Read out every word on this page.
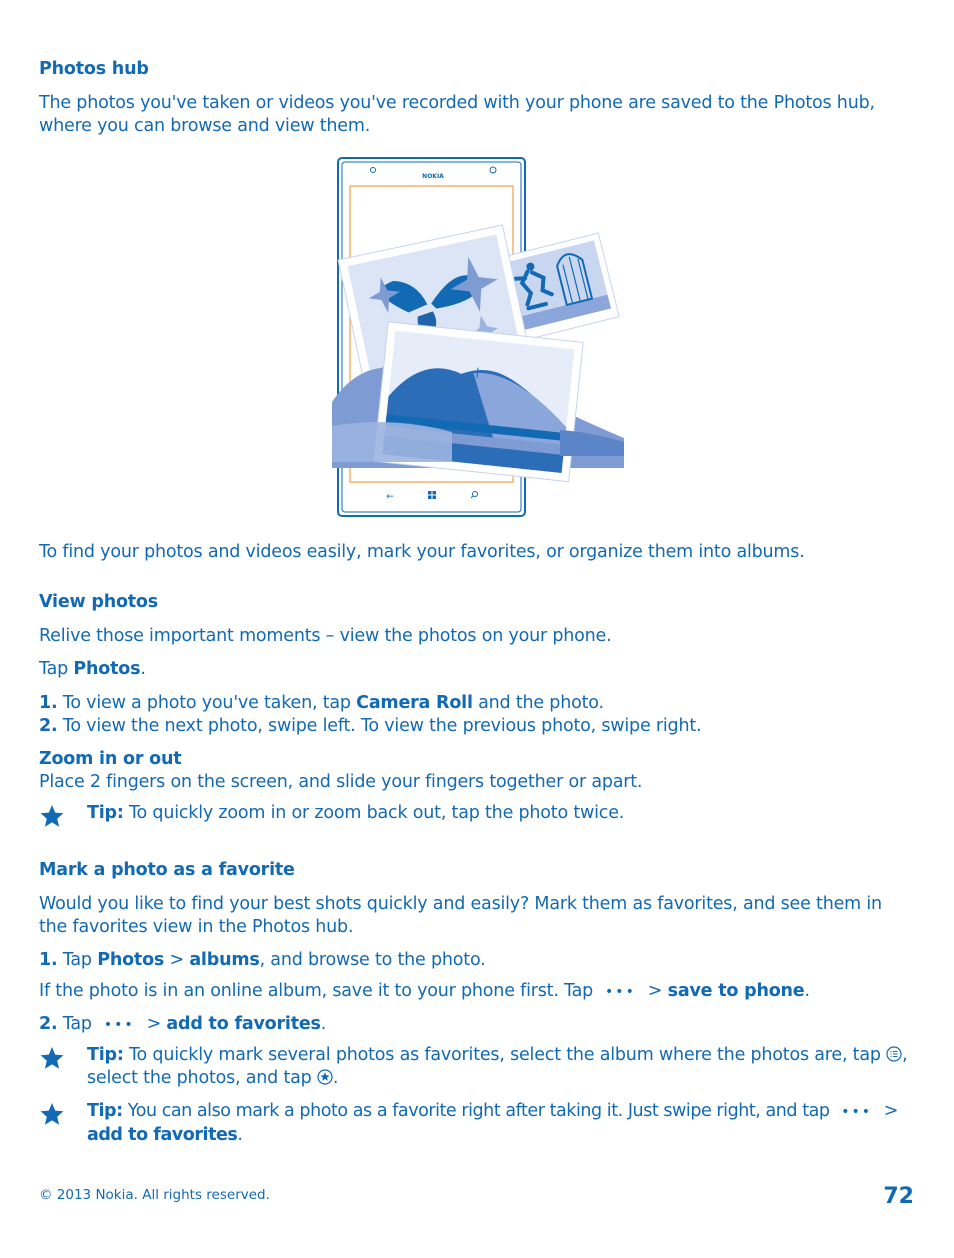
Photos hub
The photos you've taken or videos you've recorded with your phone are saved to the Photos hub, where you can browse and view them.
NOKIA
←
To find your photos and videos easily, mark your favorites, or organize them into albums.
View photos
Relive those important moments – view the photos on your phone.
Tap Photos.
1. To view a photo you've taken, tap Camera Roll and the photo.
2. To view the next photo, swipe left. To view the previous photo, swipe right.
Zoom in or out
Place 2 fingers on the screen, and slide your fingers together or apart.
Tip: To quickly zoom in or zoom back out, tap the photo twice.
Mark a photo as a favorite
Would you like to find your best shots quickly and easily? Mark them as favorites, and see them in the favorites view in the Photos hub.
1. Tap Photos > albums, and browse to the photo.
If the photo is in an online album, save it to your phone first. Tap ••• > save to phone.
2. Tap ••• > add to favorites.
Tip: To quickly mark several photos as favorites, select the album where the photos are, tap , select the photos, and tap .
Tip: You can also mark a photo as a favorite right after taking it. Just swipe right, and tap ••• >
add to favorites.
© 2013 Nokia. All rights reserved.	72
